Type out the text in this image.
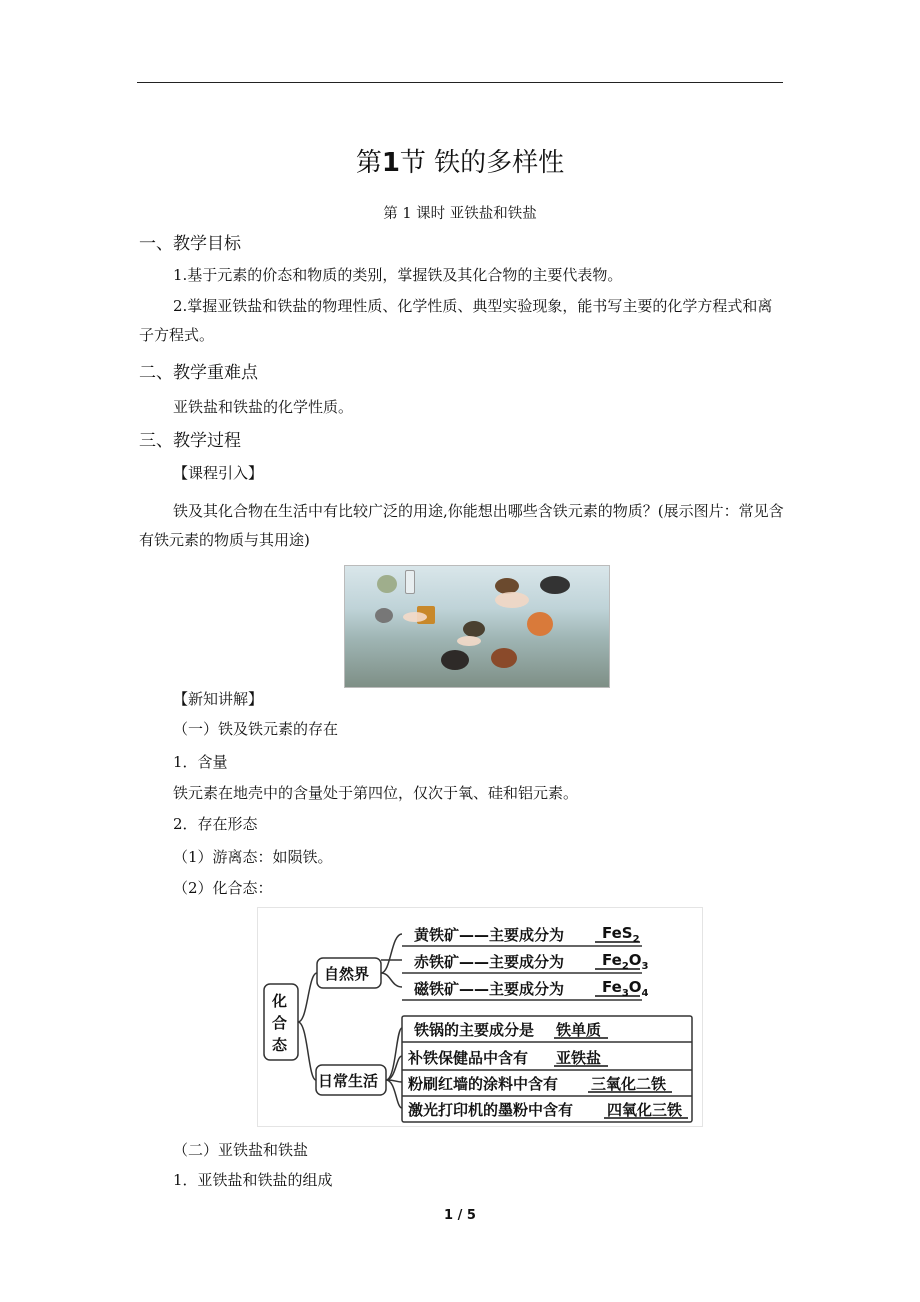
第1节 铁的多样性
第 1 课时 亚铁盐和铁盐
一、教学目标
1.基于元素的价态和物质的类别，掌握铁及其化合物的主要代表物。
2.掌握亚铁盐和铁盐的物理性质、化学性质、典型实验现象，能书写主要的化学方程式和离子方程式。
二、教学重难点
亚铁盐和铁盐的化学性质。
三、教学过程
【课程引入】
铁及其化合物在生活中有比较广泛的用途,你能想出哪些含铁元素的物质？(展示图片：常见含有铁元素的物质与其用途)
【新知讲解】
（一）铁及铁元素的存在
1．含量
铁元素在地壳中的含量处于第四位，仅次于氧、硅和铝元素。
2．存在形态
（1）游离态：如陨铁。
（2）化合态：
化
合
态
自然界
日常生活
黄铁矿——主要成分为	FeS$_2$
赤铁矿——主要成分为	$Fe_2O_3$
磁铁矿——主要成分为	$Fe_3O_4$
铁锅的主要成分是 铁单质
补铁保健品中含有 亚铁盐
粉刷红墙的涂料中含有 三氧化二铁
激光打印机的墨粉中含有 四氧化三铁
（二）亚铁盐和铁盐
1．亚铁盐和铁盐的组成
1 / 5
